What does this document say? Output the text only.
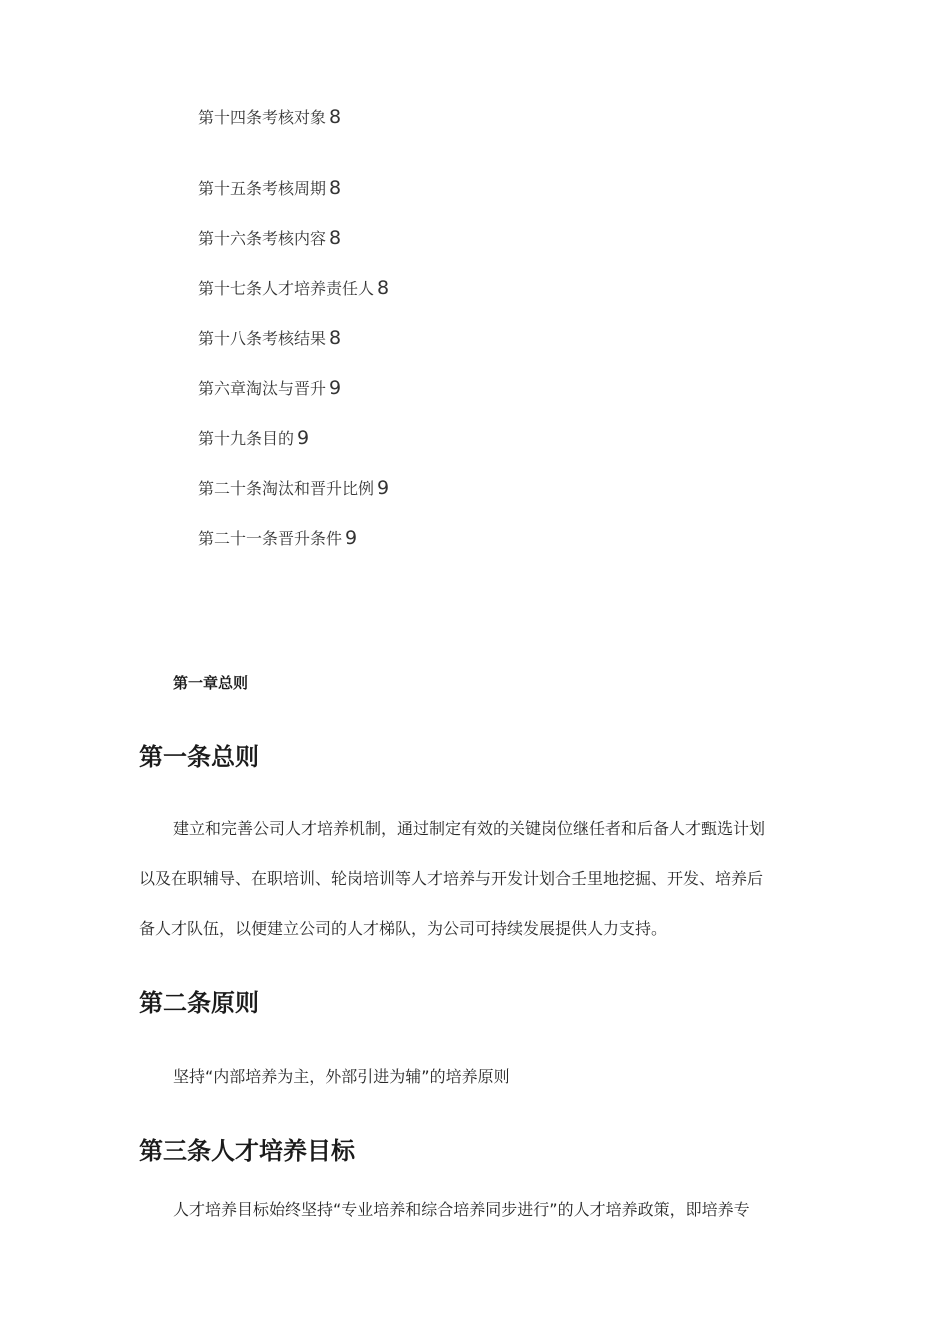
第十四条考核对象 8
第十五条考核周期 8
第十六条考核内容 8
第十七条人才培养责任人 8
第十八条考核结果 8
第六章淘汰与晋升 9
第十九条目的 9
第二十条淘汰和晋升比例 9
第二十一条晋升条件 9
第一章总则
第一条总则
建立和完善公司人才培养机制，通过制定有效的关键岗位继任者和后备人才甄选计划
以及在职辅导、在职培训、轮岗培训等人才培养与开发计划合壬里地挖掘、开发、培养后
备人才队伍，以便建立公司的人才梯队，为公司可持续发展提供人力支持。
第二条原则
坚持“内部培养为主，外部引进为辅”的培养原则
第三条人才培养目标
人才培养目标始终坚持“专业培养和综合培养同步进行”的人才培养政策，即培养专
